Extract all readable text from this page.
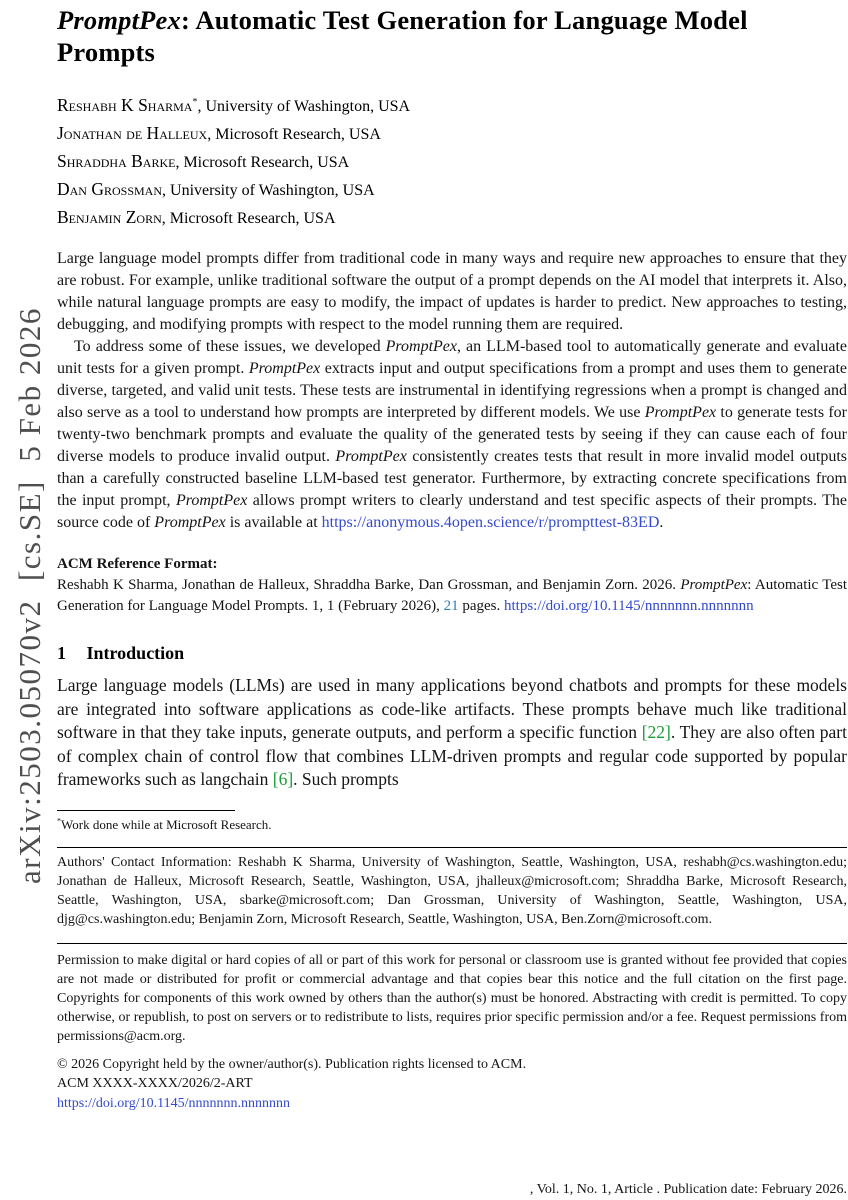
arXiv:2503.05070v2  [cs.SE]  5 Feb 2026
PromptPex: Automatic Test Generation for Language Model Prompts
Reshabh K Sharma*, University of Washington, USA
Jonathan de Halleux, Microsoft Research, USA
Shraddha Barke, Microsoft Research, USA
Dan Grossman, University of Washington, USA
Benjamin Zorn, Microsoft Research, USA

Large language model prompts differ from traditional code in many ways and require new approaches to ensure that they are robust. For example, unlike traditional software the output of a prompt depends on the AI model that interprets it. Also, while natural language prompts are easy to modify, the impact of updates is harder to predict. New approaches to testing, debugging, and modifying prompts with respect to the model running them are required.

To address some of these issues, we developed PromptPex, an LLM-based tool to automatically generate and evaluate unit tests for a given prompt. PromptPex extracts input and output specifications from a prompt and uses them to generate diverse, targeted, and valid unit tests. These tests are instrumental in identifying regressions when a prompt is changed and also serve as a tool to understand how prompts are interpreted by different models. We use PromptPex to generate tests for twenty-two benchmark prompts and evaluate the quality of the generated tests by seeing if they can cause each of four diverse models to produce invalid output. PromptPex consistently creates tests that result in more invalid model outputs than a carefully constructed baseline LLM-based test generator. Furthermore, by extracting concrete specifications from the input prompt, PromptPex allows prompt writers to clearly understand and test specific aspects of their prompts. The source code of PromptPex is available at https://anonymous.4open.science/r/prompttest-83ED.

ACM Reference Format:

Reshabh K Sharma, Jonathan de Halleux, Shraddha Barke, Dan Grossman, and Benjamin Zorn. 2026. PromptPex: Automatic Test Generation for Language Model Prompts. 1, 1 (February 2026), 21 pages. https://doi.org/10.1145/nnnnnnn.nnnnnnn

1 Introduction

Large language models (LLMs) are used in many applications beyond chatbots and prompts for these models are integrated into software applications as code-like artifacts. These prompts behave much like traditional software in that they take inputs, generate outputs, and perform a specific function [22]. They are also often part of complex chain of control flow that combines LLM-driven prompts and regular code supported by popular frameworks such as langchain [6]. Such prompts

*Work done while at Microsoft Research.

Authors' Contact Information: Reshabh K Sharma, University of Washington, Seattle, Washington, USA, reshabh@cs.washington.edu; Jonathan de Halleux, Microsoft Research, Seattle, Washington, USA, jhalleux@microsoft.com; Shraddha Barke, Microsoft Research, Seattle, Washington, USA, sbarke@microsoft.com; Dan Grossman, University of Washington, Seattle, Washington, USA, djg@cs.washington.edu; Benjamin Zorn, Microsoft Research, Seattle, Washington, USA, Ben.Zorn@microsoft.com.

Permission to make digital or hard copies of all or part of this work for personal or classroom use is granted without fee provided that copies are not made or distributed for profit or commercial advantage and that copies bear this notice and the full citation on the first page. Copyrights for components of this work owned by others than the author(s) must be honored. Abstracting with credit is permitted. To copy otherwise, or republish, to post on servers or to redistribute to lists, requires prior specific permission and/or a fee. Request permissions from permissions@acm.org.

© 2026 Copyright held by the owner/author(s). Publication rights licensed to ACM.
ACM XXXX-XXXX/2026/2-ART
https://doi.org/10.1145/nnnnnnn.nnnnnnn
, Vol. 1, No. 1, Article . Publication date: February 2026.
